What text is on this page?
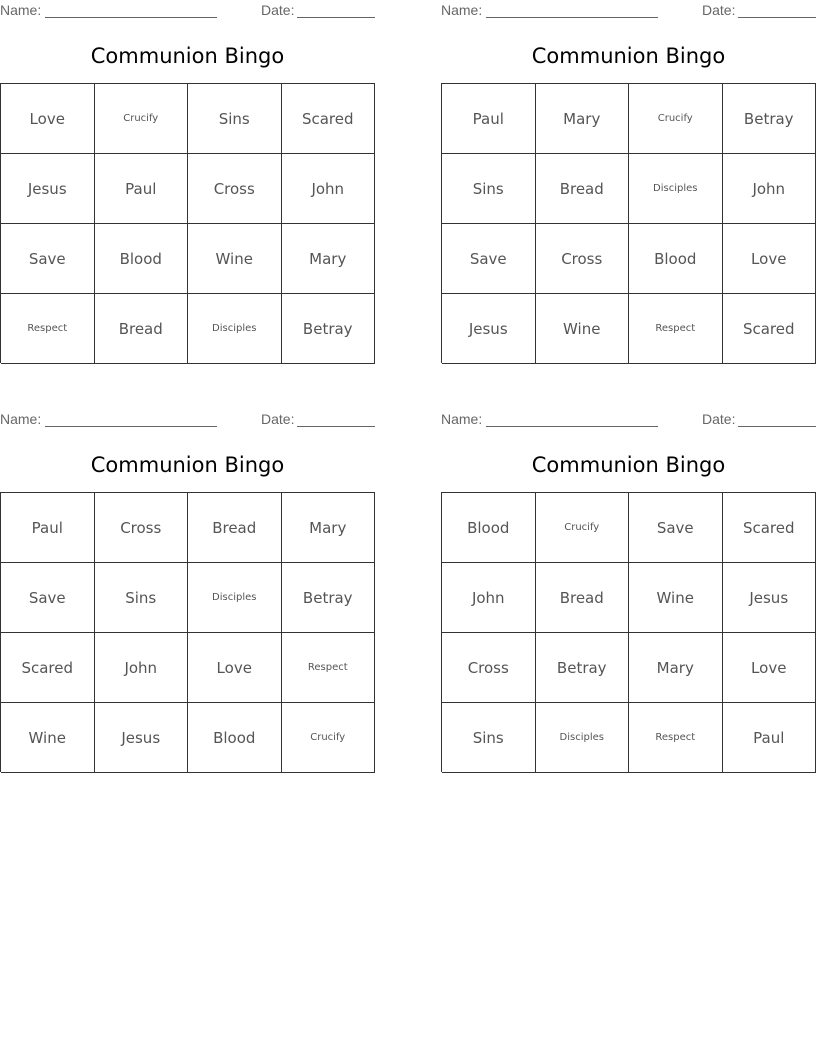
Name:	Date:
Communion Bingo
Love	Crucify	Sins	Scared
Jesus	Paul	Cross	John
Save	Blood	Wine	Mary
Respect	Bread	Disciples	Betray
Name:	Date:
Communion Bingo
Paul	Mary	Crucify	Betray
Sins	Bread	Disciples	John
Save	Cross	Blood	Love
Jesus	Wine	Respect	Scared
Name:	Date:
Communion Bingo
Paul	Cross	Bread	Mary
Save	Sins	Disciples	Betray
Scared	John	Love	Respect
Wine	Jesus	Blood	Crucify
Name:	Date:
Communion Bingo
Blood	Crucify	Save	Scared
John	Bread	Wine	Jesus
Cross	Betray	Mary	Love
Sins	Disciples	Respect	Paul
